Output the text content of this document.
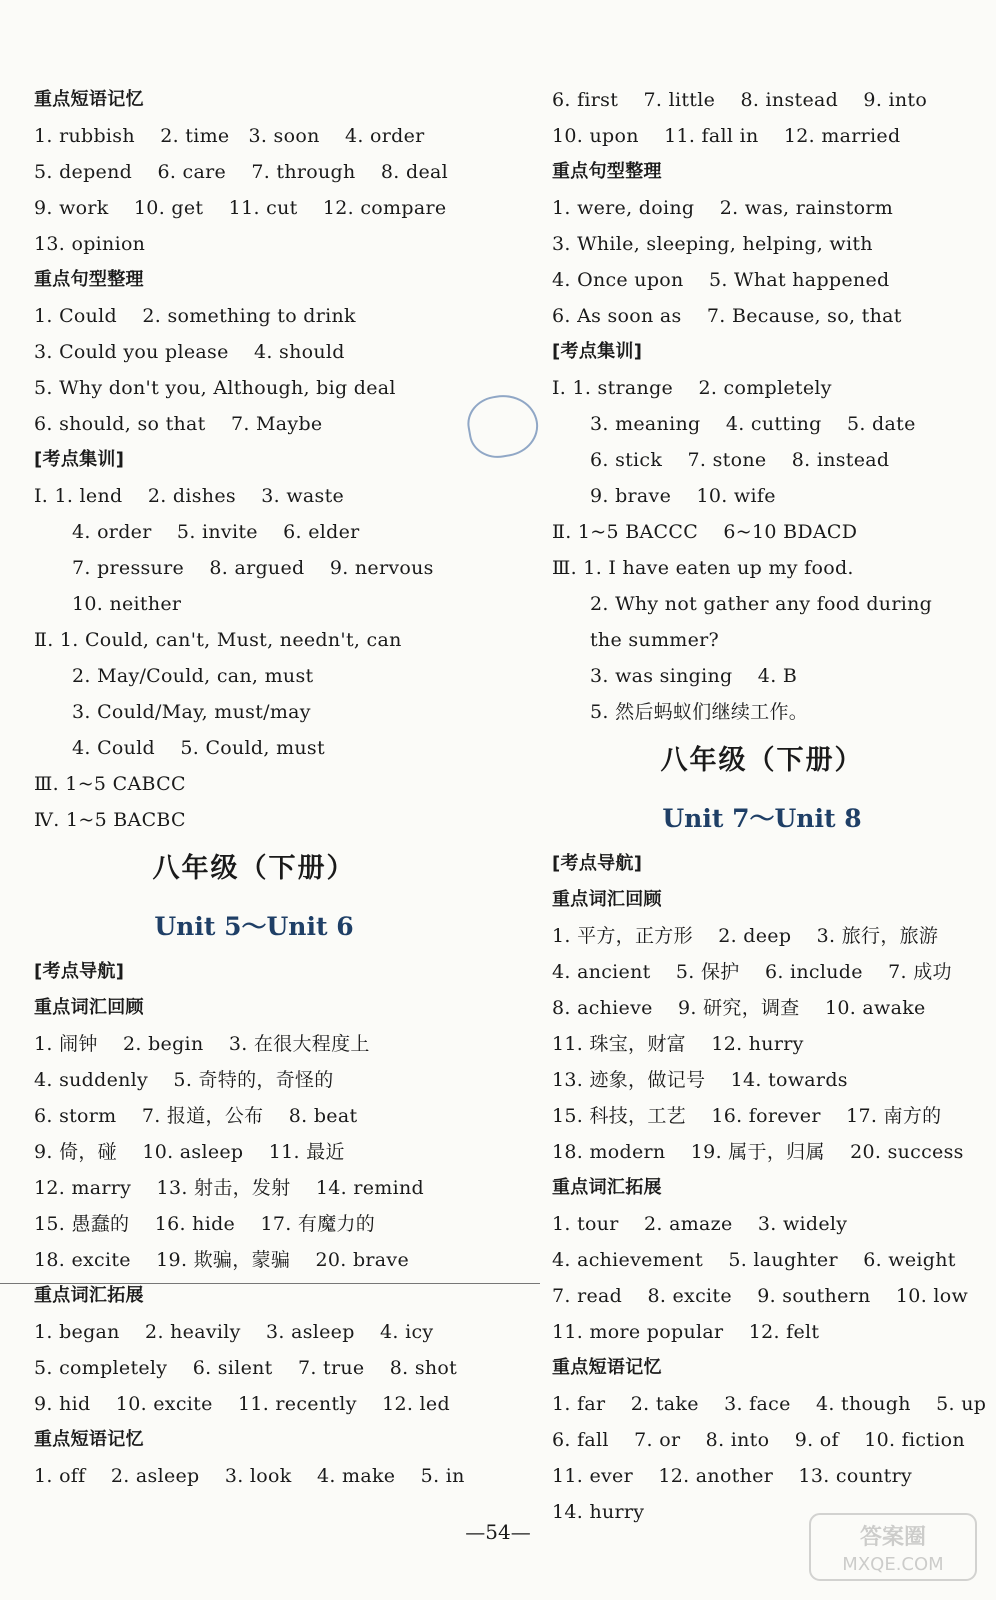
重点短语记忆
1. rubbish    2. time   3. soon    4. order
5. depend    6. care    7. through    8. deal
9. work    10. get    11. cut    12. compare
13. opinion
重点句型整理
1. Could    2. something to drink
3. Could you please    4. should
5. Why don't you, Although, big deal
6. should, so that    7. Maybe
[考点集训]
Ⅰ. 1. lend    2. dishes    3. waste
4. order    5. invite    6. elder
7. pressure    8. argued    9. nervous
10. neither
Ⅱ. 1. Could, can't, Must, needn't, can
2. May/Could, can, must
3. Could/May, must/may
4. Could    5. Could, must
Ⅲ. 1~5 CABCC
Ⅳ. 1~5 BACBC
八年级（下册）
Unit 5～Unit 6
[考点导航]
重点词汇回顾
1. 闹钟    2. begin    3. 在很大程度上
4. suddenly    5. 奇特的，奇怪的
6. storm    7. 报道，公布    8. beat
9. 倚，碰    10. asleep    11. 最近
12. marry    13. 射击，发射    14. remind
15. 愚蠢的    16. hide    17. 有魔力的
18. excite    19. 欺骗，蒙骗    20. brave
重点词汇拓展
1. began    2. heavily    3. asleep    4. icy
5. completely    6. silent    7. true    8. shot
9. hid    10. excite    11. recently    12. led
重点短语记忆
1. off    2. asleep    3. look    4. make    5. in
6. first    7. little    8. instead    9. into
10. upon    11. fall in    12. married
重点句型整理
1. were, doing    2. was, rainstorm
3. While, sleeping, helping, with
4. Once upon    5. What happened
6. As soon as    7. Because, so, that
[考点集训]
Ⅰ. 1. strange    2. completely
3. meaning    4. cutting    5. date
6. stick    7. stone    8. instead
9. brave    10. wife
Ⅱ. 1~5 BACCC    6~10 BDACD
Ⅲ. 1. I have eaten up my food.
2. Why not gather any food during
the summer?
3. was singing    4. B
5. 然后蚂蚁们继续工作。
八年级（下册）
Unit 7～Unit 8
[考点导航]
重点词汇回顾
1. 平方，正方形    2. deep    3. 旅行，旅游
4. ancient    5. 保护    6. include    7. 成功
8. achieve    9. 研究，调查    10. awake
11. 珠宝，财富    12. hurry
13. 迹象，做记号    14. towards
15. 科技，工艺    16. forever    17. 南方的
18. modern    19. 属于，归属    20. success
重点词汇拓展
1. tour    2. amaze    3. widely
4. achievement    5. laughter    6. weight
7. read    8. excite    9. southern    10. low
11. more popular    12. felt
重点短语记忆
1. far    2. take    3. face    4. though    5. up
6. fall    7. or    8. into    9. of    10. fiction
11. ever    12. another    13. country
14. hurry
—54—	答案圈
MXQE.COM
